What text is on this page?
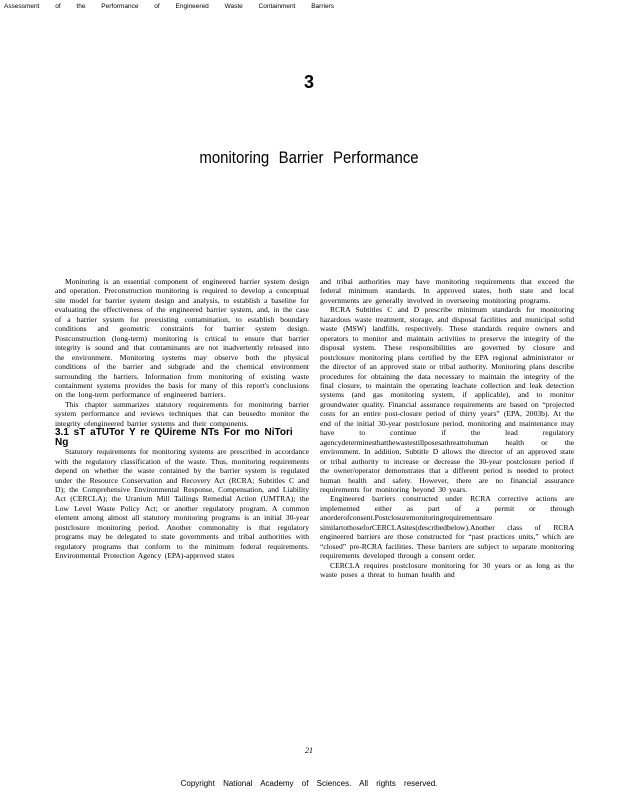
Assessment of the Performance of Engineered Waste Containment Barriers
3
monitoring Barrier Performance

Monitoring is an essential component of engineered barrier system design and operation. Preconstruction monitoring is required to develop a conceptual site model for barrier system design and analysis, to establish a baseline for evaluating the effectiveness of the engineered barrier system, and, in the case of a barrier system for preexisting contamination, to establish boundary conditions and geometric constraints for barrier system design. Postconstruction (long-term) monitoring is critical to ensure that barrier integrity is sound and that contaminants are not inadvertently released into the environment. Monitoring systems may observe both the physical conditions of the barrier and subgrade and the chemical environment surrounding the barriers. Information from monitoring of existing waste containment systems provides the basis for many of this report's conclusions on the long-term performance of engineered barriers.

This chapter summarizes statutory requirements for monitoring barrier system performance and reviews techniques that can beusedto monitor the integrity ofengineered barrier systems and their components.

3.1 sT aTUTor Y re QUireme NTs For mo NiTori Ng

Statutory requirements for monitoring systems are prescribed in accordance with the regulatory classification of the waste. Thus, monitoring requirements depend on whether the waste contained by the barrier system is regulated under the Resource Conservation and Recovery Act (RCRA; Subtitles C and D); the Comprehensive Environmental Response, Compensation, and Liability Act (CERCLA); the Uranium Mill Tailings Remedial Action (UMTRA); the Low Level Waste Policy Act; or another regulatory program. A common element among almost all statutory monitoring programs is an initial 30-year postclosure monitoring period. Another commonality is that regulatory programs may be delegated to state governments and tribal authorities with regulatory programs that conform to the minimum federal requirements. Environmental Protection Agency (EPA)-approved states

and tribal authorities may have monitoring requirements that exceed the federal minimum standards. In approved states, both state and local governments are generally involved in overseeing monitoring programs.

RCRA Subtitles C and D prescribe minimum standards for monitoring hazardous waste treatment, storage, and disposal facilities and municipal solid waste (MSW) landfills, respectively. These standards require owners and operators to monitor and maintain activities to preserve the integrity of the disposal system. These responsibilities are governed by closure and postclosure monitoring plans certified by the EPA regional administrator or the director of an approved state or tribal authority. Monitoring plans describe procedures for obtaining the data necessary to maintain the integrity of the final closure, to maintain the operating leachate collection and leak detection systems (and gas monitoring system, if applicable), and to monitor groundwater quality. Financial assurance requirements are based on “projected costs for an entire post-closure period of thirty years” (EPA, 2003b). At the end of the initial 30-year postclosure period, monitoring and maintenance may have to continue if the lead regulatory agencydeterminesthatthewastestillposesathreattohuman health or the environment. In addition, Subtitle D allows the director of an approved state or tribal authority to increase or decrease the 30-year postclosure period if the owner/operator demonstrates that a different period is needed to protect human health and safety. However, there are no financial assurance requirements for monitoring beyond 30 years.

Engineered barriers constructed under RCRA corrective actions are implemented either as part of a permit or through anorderofconsent.Postclosuremonitoringrequirementsare similartothoseforCERCLAsites(describedbelow).Another class of RCRA engineered barriers are those constructed for “past practices units,” which are “closed” pre-RCRA facilities. These barriers are subject to separate monitoring requirements developed through a consent order.

CERCLA requires postclosure monitoring for 30 years or as long as the waste poses a threat to human health and

21
Copyright National Academy of Sciences. All rights reserved.
